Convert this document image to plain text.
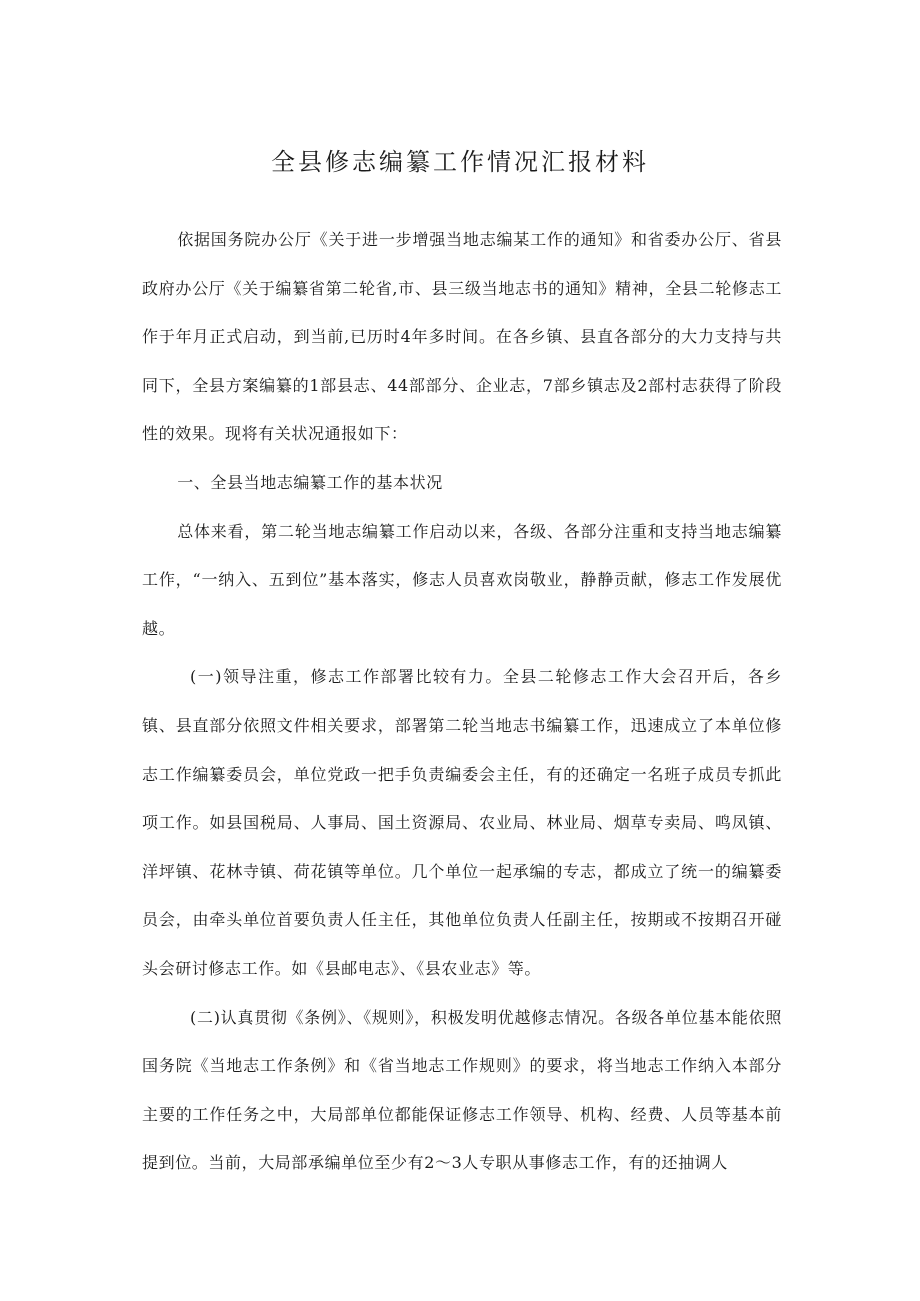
全县修志编纂工作情况汇报材料

依据国务院办公厅《关于进一步增强当地志编某工作的通知》和省委办公厅、省县政府办公厅《关于编纂省第二轮省,市、县三级当地志书的通知》精神，全县二轮修志工作于年月正式启动，到当前,已历时4年多时间。在各乡镇、县直各部分的大力支持与共同下，全县方案编纂的1部县志、44部部分、企业志，7部乡镇志及2部村志获得了阶段性的效果。现将有关状况通报如下：

一、全县当地志编纂工作的基本状况

总体来看，第二轮当地志编纂工作启动以来，各级、各部分注重和支持当地志编纂工作，“一纳入、五到位”基本落实，修志人员喜欢岗敬业，静静贡献，修志工作发展优越。

(一)领导注重，修志工作部署比较有力。全县二轮修志工作大会召开后，各乡镇、县直部分依照文件相关要求，部署第二轮当地志书编纂工作，迅速成立了本单位修志工作编纂委员会，单位党政一把手负责编委会主任，有的还确定一名班子成员专抓此项工作。如县国税局、人事局、国土资源局、农业局、林业局、烟草专卖局、鸣凤镇、洋坪镇、花林寺镇、荷花镇等单位。几个单位一起承编的专志，都成立了统一的编纂委员会，由牵头单位首要负责人任主任，其他单位负责人任副主任，按期或不按期召开碰头会研讨修志工作。如《县邮电志》、《县农业志》等。

(二)认真贯彻《条例》、《规则》，积极发明优越修志情况。各级各单位基本能依照国务院《当地志工作条例》和《省当地志工作规则》的要求，将当地志工作纳入本部分主要的工作任务之中，大局部单位都能保证修志工作领导、机构、经费、人员等基本前提到位。当前，大局部承编单位至少有2～3人专职从事修志工作，有的还抽调人
